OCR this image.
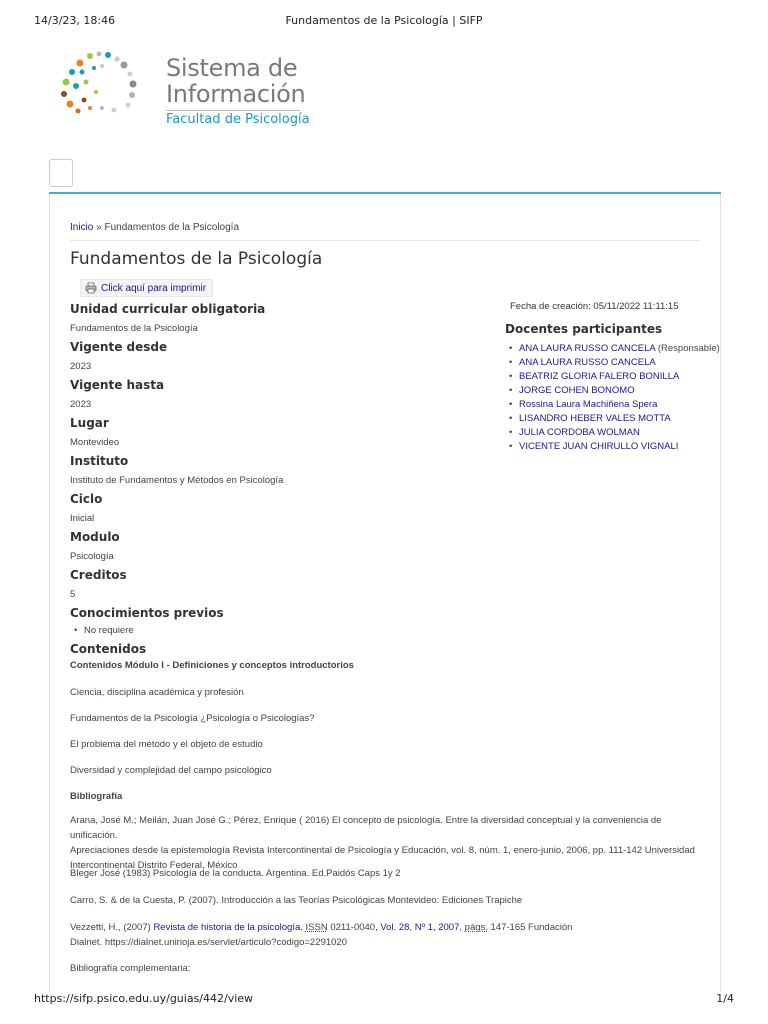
14/3/23, 18:46	Fundamentos de la Psicología | SIFP
Sistema de
Información
Facultad de Psicología
Inicio » Fundamentos de la Psicología
Fundamentos de la Psicología
Click aquí para imprimir
Unidad curricular obligatoria
Fundamentos de la Psicología
Vigente desde
2023
Vigente hasta
2023
Lugar
Montevideo
Instituto
Instituto de Fundamentos y Métodos en Psicología
Ciclo
Inicial
Modulo
Psicología
Creditos
5
Conocimientos previos
• No requiere
Contenidos
Fecha de creación: 05/11/2022 11:11:15
Docentes participantes
• ANA LAURA RUSSO CANCELA (Responsable)
• ANA LAURA RUSSO CANCELA
• BEATRIZ GLORIA FALERO BONILLA
• JORGE COHEN BONOMO
• Rossina Laura Machiñena Spera
• LISANDRO HEBER VALES MOTTA
• JULIA CORDOBA WOLMAN
• VICENTE JUAN CHIRULLO VIGNALI
Contenidos Módulo I - Definiciones y conceptos introductorios
Ciencia, disciplina académica y profesión
Fundamentos de la Psicología ¿Psicología o Psicologías?
El problema del método y el objeto de estudio
Diversidad y complejidad del campo psicológico
Bibliografía
Arana, José M.; Meilán, Juan José G.; Pérez, Enrique ( 2016) El concepto de psicología. Entre la diversidad conceptual y la conveniencia de unificación.
Apreciaciones desde la epistemología Revista Intercontinental de Psicología y Educación, vol. 8, núm. 1, enero-junio, 2006, pp. 111-142 Universidad
Intercontinental Distrito Federal, México
Bleger José (1983) Psicología de la conducta. Argentina. Ed.Paidós Caps 1y 2
Carro, S. & de la Cuesta, P. (2007). Introducción a las Teorías Psicológicas Montevideo: Ediciones Trapiche
Vezzetti, H., (2007) Revista de historia de la psicología. ISSN 0211-0040, Vol. 28, Nº 1, 2007, págs. 147-165 Fundación
Dialnet. https://dialnet.unirioja.es/servlet/articulo?codigo=2291020
Bibliografía complementaria:
https://sifp.psico.edu.uy/guias/442/view	1/4
